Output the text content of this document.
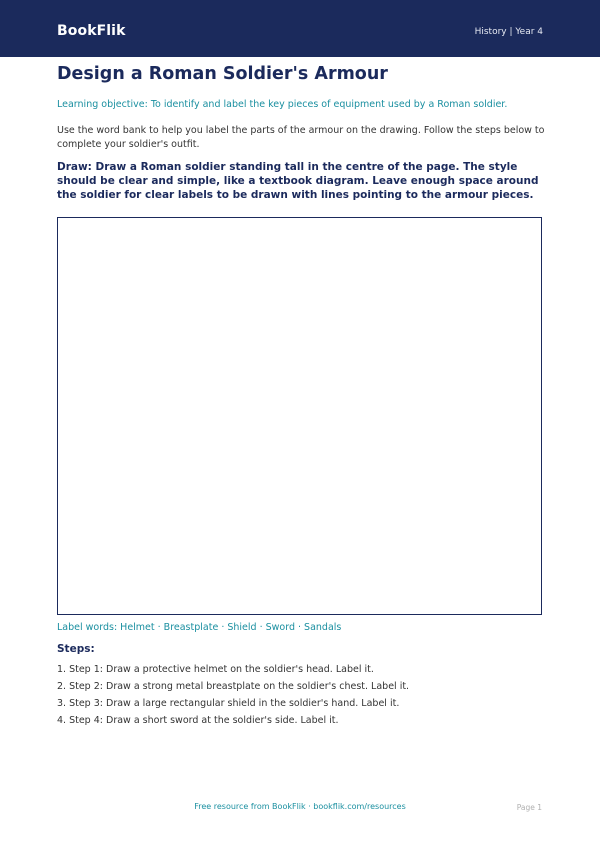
BookFlik	History | Year 4
Design a Roman Soldier's Armour
Learning objective: To identify and label the key pieces of equipment used by a Roman soldier.
Use the word bank to help you label the parts of the armour on the drawing. Follow the steps below to complete your soldier's outfit.
Draw: Draw a Roman soldier standing tall in the centre of the page. The style should be clear and simple, like a textbook diagram. Leave enough space around the soldier for clear labels to be drawn with lines pointing to the armour pieces.
Label words: Helmet · Breastplate · Shield · Sword · Sandals
Steps:
1. Step 1: Draw a protective helmet on the soldier's head. Label it.
2. Step 2: Draw a strong metal breastplate on the soldier's chest. Label it.
3. Step 3: Draw a large rectangular shield in the soldier's hand. Label it.
4. Step 4: Draw a short sword at the soldier's side. Label it.
Free resource from BookFlik · bookflik.com/resources	Page 1
